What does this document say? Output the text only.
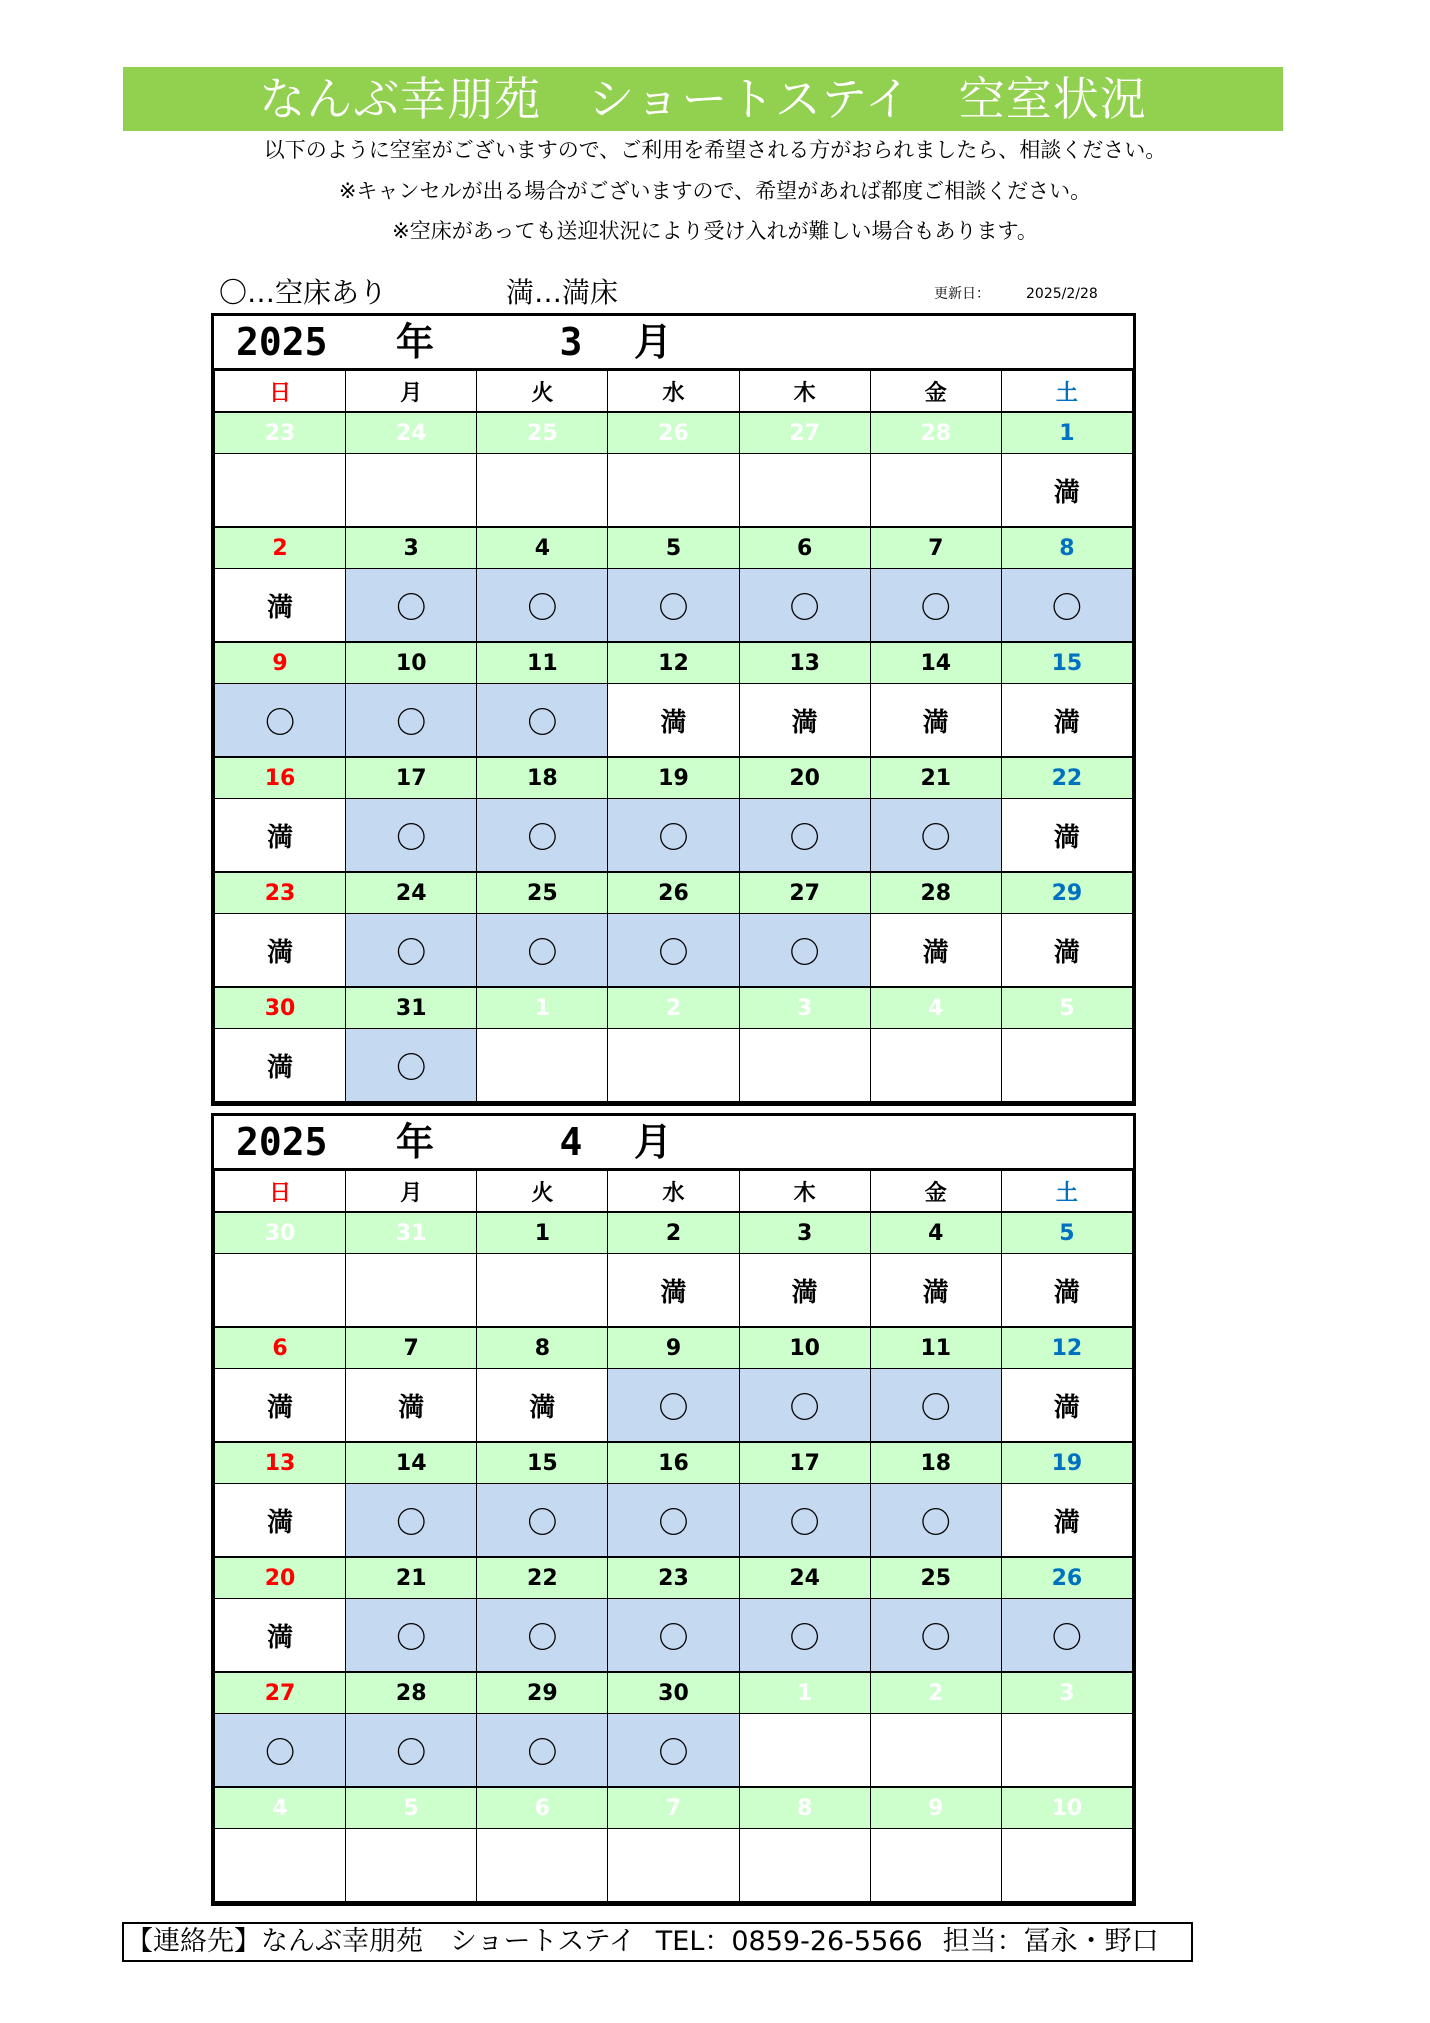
なんぶ幸朋苑　ショートステイ　空室状況
以下のように空室がございますので、ご利用を希望される方がおられましたら、相談ください。
※キャンセルが出る場合がございますので、希望があれば都度ご相談ください。
※空床があっても送迎状況により受け入れが難しい場合もあります。
〇…空床あり	満…満床	更新日：	2025/2/28
2025 年	3 月
日	月	火	水	木	金	土
23	24	25	26	27	28	1
						満
2	3	4	5	6	7	8
満	〇	〇	〇	〇	〇	〇
9	10	11	12	13	14	15
〇	〇	〇	満	満	満	満
16	17	18	19	20	21	22
満	〇	〇	〇	〇	〇	満
23	24	25	26	27	28	29
満	〇	〇	〇	〇	満	満
30	31	1	2	3	4	5
満	〇					
2025 年	4 月
日	月	火	水	木	金	土
30	31	1	2	3	4	5
			満	満	満	満
6	7	8	9	10	11	12
満	満	満	〇	〇	〇	満
13	14	15	16	17	18	19
満	〇	〇	〇	〇	〇	満
20	21	22	23	24	25	26
満	〇	〇	〇	〇	〇	〇
27	28	29	30	1	2	3
〇	〇	〇	〇			
4	5	6	7	8	9	10

【連絡先】なんぶ幸朋苑　ショートステイ TEL：0859-26-5566 担当：冨永・野口
